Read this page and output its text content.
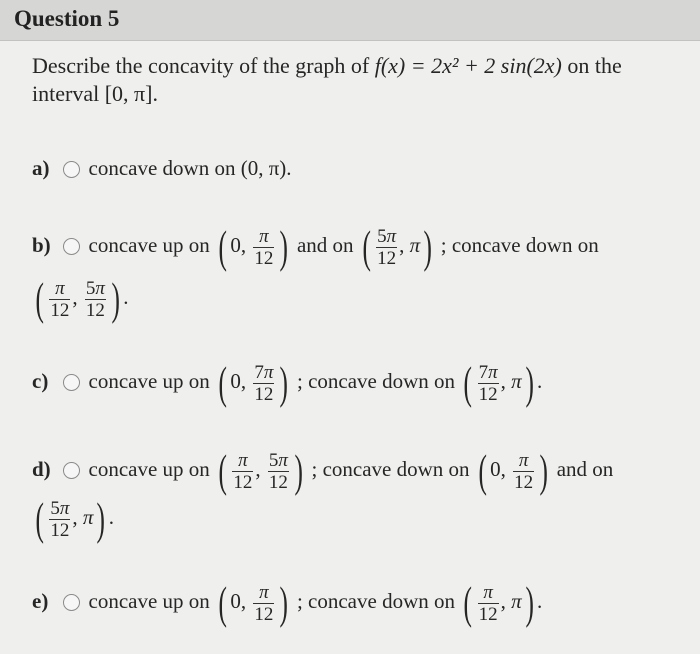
Question 5
Describe the concavity of the graph of f(x) = 2x² + 2 sin(2x) on the
interval [0, π].
a) concave down on (0, π).
b) concave up on ( 0, $\frac{\pi}{12}$ ) and on ( $\frac{5\pi}{12}$ , π) ; concave down on
( $\frac{\pi}{12}$ , $\frac{5\pi}{12}$ ) .
c) concave up on ( 0, $\frac{7\pi}{12}$ ) ; concave down on ( $\frac{7\pi}{12}$ , π) .
d) concave up on ( $\frac{\pi}{12}$ , $\frac{5\pi}{12}$ ) ; concave down on ( 0, $\frac{\pi}{12}$ ) and on
( $\frac{5\pi}{12}$ , π) .
e) concave up on ( 0, $\frac{\pi}{12}$ ) ; concave down on ( $\frac{\pi}{12}$ , π) .
